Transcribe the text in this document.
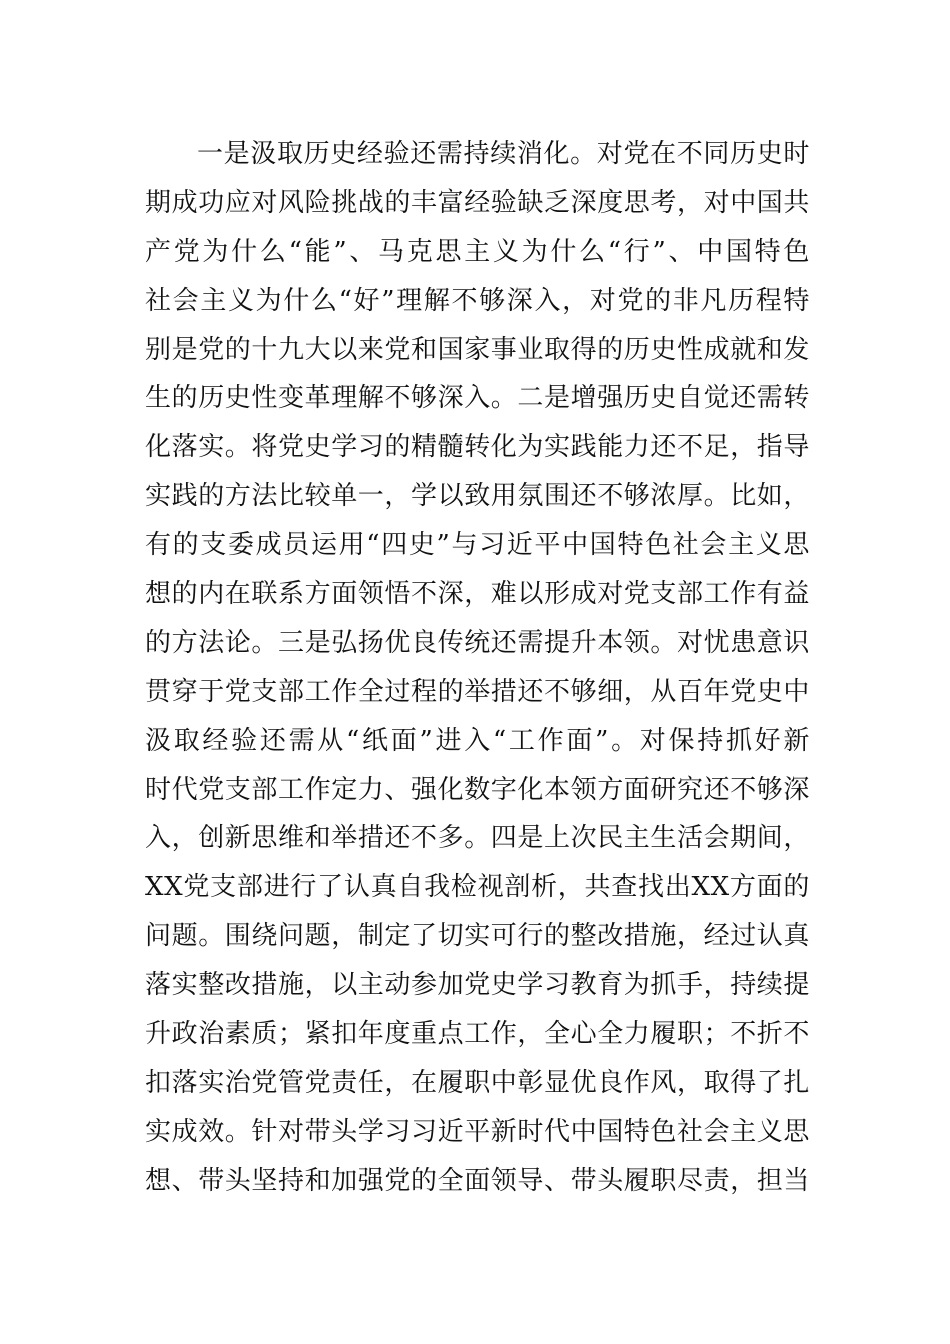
一是汲取历史经验还需持续消化。对党在不同历史时
期成功应对风险挑战的丰富经验缺乏深度思考，对中国共
产党为什么“能”、马克思主义为什么“行”、中国特色
社会主义为什么“好”理解不够深入，对党的非凡历程特
别是党的十九大以来党和国家事业取得的历史性成就和发
生的历史性变革理解不够深入。二是增强历史自觉还需转
化落实。将党史学习的精髓转化为实践能力还不足，指导
实践的方法比较单一，学以致用氛围还不够浓厚。比如，
有的支委成员运用“四史”与习近平中国特色社会主义思
想的内在联系方面领悟不深，难以形成对党支部工作有益
的方法论。三是弘扬优良传统还需提升本领。对忧患意识
贯穿于党支部工作全过程的举措还不够细，从百年党史中
汲取经验还需从“纸面”进入“工作面”。对保持抓好新
时代党支部工作定力、强化数字化本领方面研究还不够深
入，创新思维和举措还不多。四是上次民主生活会期间，
XX党支部进行了认真自我检视剖析，共查找出XX方面的
问题。围绕问题，制定了切实可行的整改措施，经过认真
落实整改措施，以主动参加党史学习教育为抓手，持续提
升政治素质；紧扣年度重点工作，全心全力履职；不折不
扣落实治党管党责任，在履职中彰显优良作风，取得了扎
实成效。针对带头学习习近平新时代中国特色社会主义思
想、带头坚持和加强党的全面领导、带头履职尽责，担当
